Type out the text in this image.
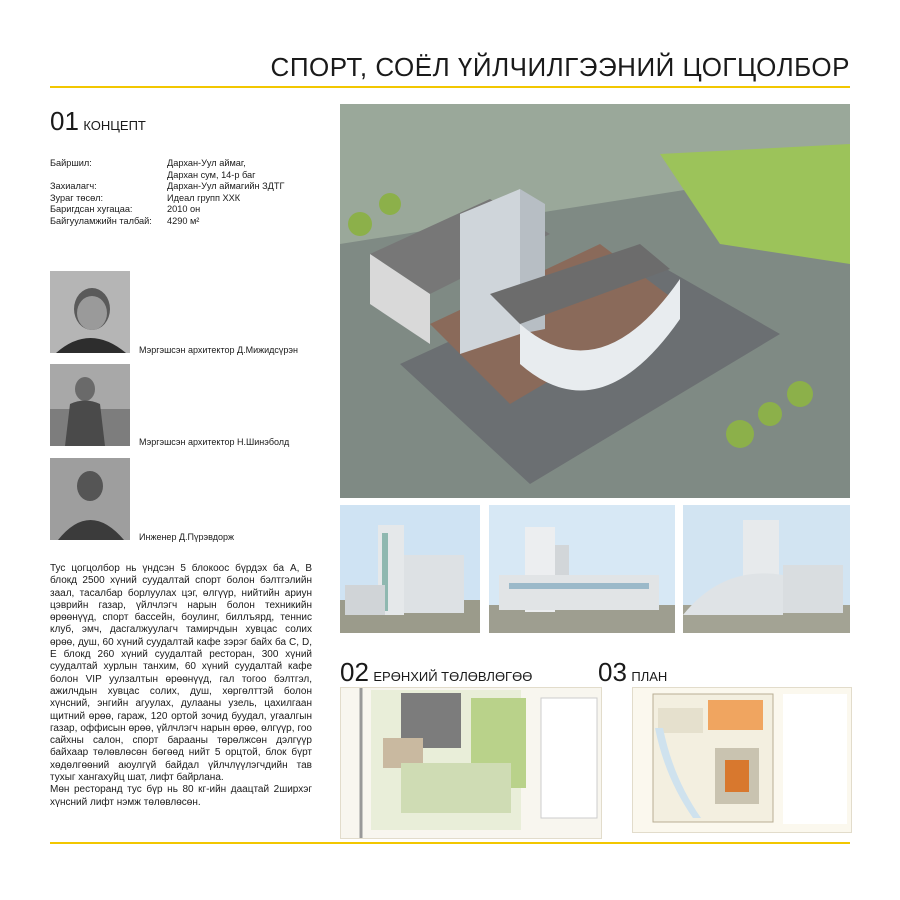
СПОРТ, СОЁЛ ҮЙЛЧИЛГЭЭНИЙ ЦОГЦОЛБОР
01 КОНЦЕПТ
Байршил:	Дархан-Уул аймаг,
Дархан сум, 14-р баг
Захиалагч:	Дархан-Уул аймагийн ЗДТГ
Зураг төсөл:	Идеал групп ХХК
Баригдсан хугацаа:	2010 он
Байгууламжийн талбай:	4290 м²
Мэргэшсэн архитектор Д.Мижидсүрэн
Мэргэшсэн архитектор Н.Шинэболд
Инженер Д.Пүрэвдорж
Тус цогцолбор нь үндсэн 5 блокоос бүрдэх ба A, B блокд 2500 хүний суудалтай спорт болон бэлтгэлийн заал, тасалбар борлуулах цэг, өлгүүр, нийтийн ариун цэврийн газар, үйлчлэгч нарын болон техникийн өрөөнүүд, спорт бассейн, боулинг, биллъярд, теннис клуб, эмч, дасгалжуулагч тамирчдын хувцас солих өрөө, душ, 60 хүний суудалтай кафе зэрэг байх ба C, D, E блокд 260 хүний суудалтай ресторан, 300 хүний суудалтай хурлын танхим, 60 хүний суудалтай кафе болон VIP уулзалтын өрөөнүүд, гал тогоо бэлтгэл, ажилчдын хувцас солих, душ, хөргөлттэй болон хүнсний, энгийн агуулах, дулааны узель, цахилгаан щитний өрөө, гараж, 120 ортой зочид буудал, угаалгын газар, оффисын өрөө, үйлчлэгч нарын өрөө, өлгүүр, гоо сайхны салон, спорт барааны төрөлжсөн дэлгүүр байхаар төлөвлөсөн бөгөөд нийт 5 орцтой, блок бүрт хөдөлгөөний аюулгүй байдал үйлчлүүлэгчдийн тав тухыг хангахуйц шат, лифт байрлана.
Мөн ресторанд тус бүр нь 80 кг-ийн даацтай 2ширхэг хүнсний лифт нэмж төлөвлөсөн.
02 ЕРӨНХИЙ ТӨЛӨВЛӨГӨӨ	03 ПЛАН
